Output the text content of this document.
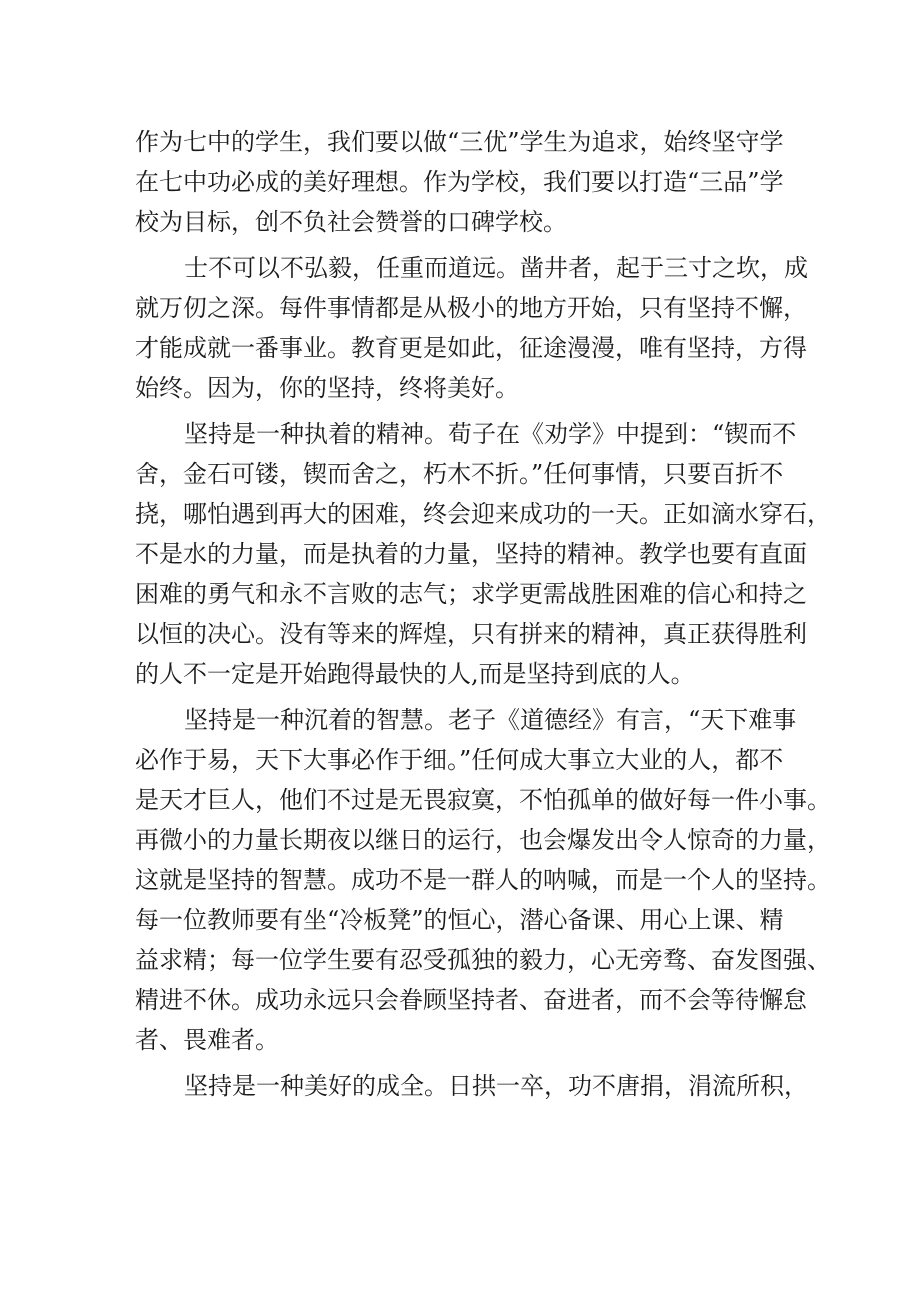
作为七中的学生，我们要以做“三优”学生为追求，始终坚守学
在七中功必成的美好理想。作为学校，我们要以打造“三品”学
校为目标，创不负社会赞誉的口碑学校。

士不可以不弘毅，任重而道远。凿井者，起于三寸之坎，成
就万仞之深。每件事情都是从极小的地方开始，只有坚持不懈，
才能成就一番事业。教育更是如此，征途漫漫，唯有坚持，方得
始终。因为，你的坚持，终将美好。

坚持是一种执着的精神。荀子在《劝学》中提到：“锲而不
舍，金石可镂，锲而舍之，朽木不折。”任何事情，只要百折不
挠，哪怕遇到再大的困难，终会迎来成功的一天。正如滴水穿石，
不是水的力量，而是执着的力量，坚持的精神。教学也要有直面
困难的勇气和永不言败的志气；求学更需战胜困难的信心和持之
以恒的决心。没有等来的辉煌，只有拼来的精神，真正获得胜利
的人不一定是开始跑得最快的人,而是坚持到底的人。

坚持是一种沉着的智慧。老子《道德经》有言，“天下难事
必作于易，天下大事必作于细。”任何成大事立大业的人，都不
是天才巨人，他们不过是无畏寂寞，不怕孤单的做好每一件小事。
再微小的力量长期夜以继日的运行，也会爆发出令人惊奇的力量，
这就是坚持的智慧。成功不是一群人的呐喊，而是一个人的坚持。
每一位教师要有坐“冷板凳”的恒心，潜心备课、用心上课、精
益求精；每一位学生要有忍受孤独的毅力，心无旁骛、奋发图强、
精进不休。成功永远只会眷顾坚持者、奋进者，而不会等待懈怠
者、畏难者。

坚持是一种美好的成全。日拱一卒，功不唐捐，涓流所积，
